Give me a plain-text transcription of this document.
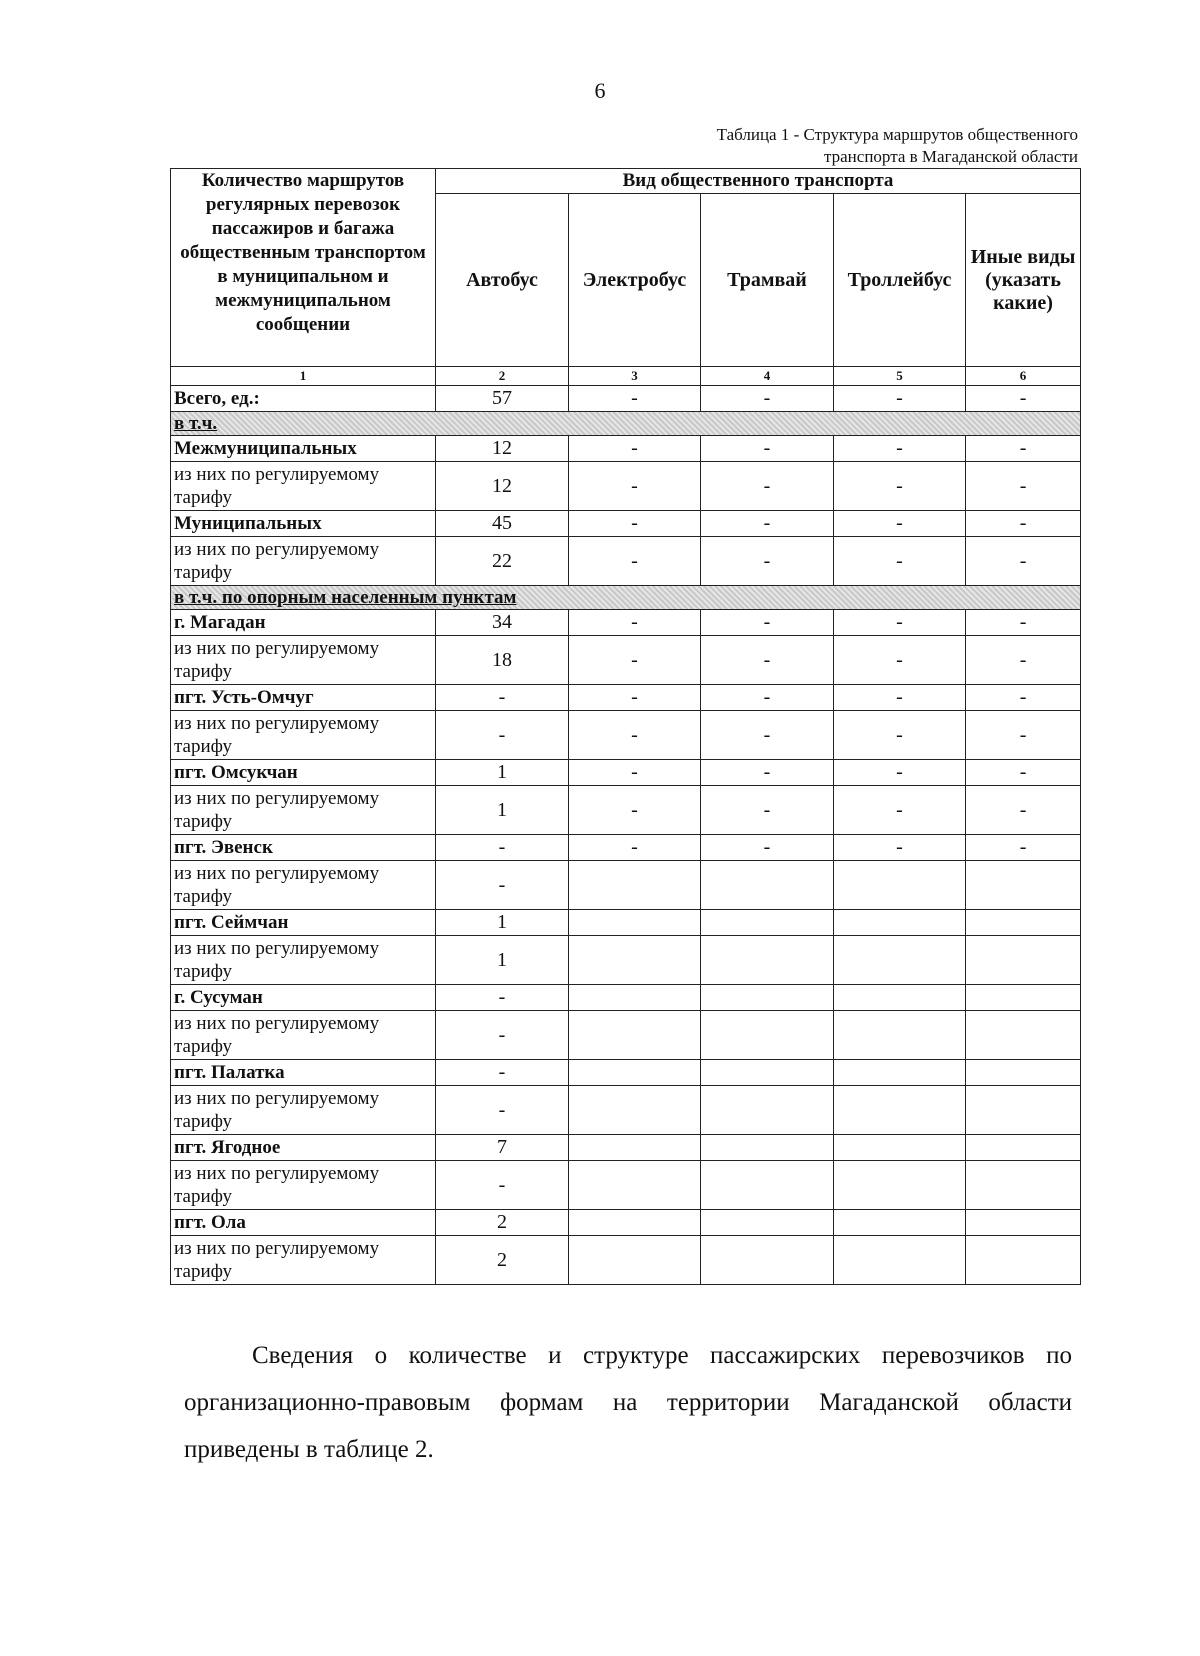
6
Таблица 1 - Структура маршрутов общественного
транспорта в Магаданской области
Количество маршрутов регулярных перевозок пассажиров и багажа общественным транспортом в муниципальном и межмуниципальном сообщении	Вид общественного транспорта				
	Автобус	Электробус	Трамвай	Троллейбус	Иные виды (указать какие)
1	2	3	4	5	6
Всего, ед.:	57	-	-	-	-
в т.ч.					
Межмуниципальных	12	-	-	-	-
из них по регулируемому тарифу	12	-	-	-	-
Муниципальных	45	-	-	-	-
из них по регулируемому тарифу	22	-	-	-	-
в т.ч. по опорным населенным пунктам					
г. Магадан	34	-	-	-	-
из них по регулируемому тарифу	18	-	-	-	-
пгт. Усть-Омчуг	-	-	-	-	-
из них по регулируемому тарифу	-	-	-	-	-
пгт. Омсукчан	1	-	-	-	-
из них по регулируемому тарифу	1	-	-	-	-
пгт. Эвенск	-	-	-	-	-
из них по регулируемому тарифу	-				
пгт. Сеймчан	1				
из них по регулируемому тарифу	1				
г. Сусуман	-				
из них по регулируемому тарифу	-				
пгт. Палатка	-				
из них по регулируемому тарифу	-				
пгт. Ягодное	7				
из них по регулируемому тарифу	-				
пгт. Ола	2				
из них по регулируемому тарифу	2				

Сведения о количестве и структуре пассажирских перевозчиков по организационно-правовым формам на территории Магаданской области приведены в таблице 2.
